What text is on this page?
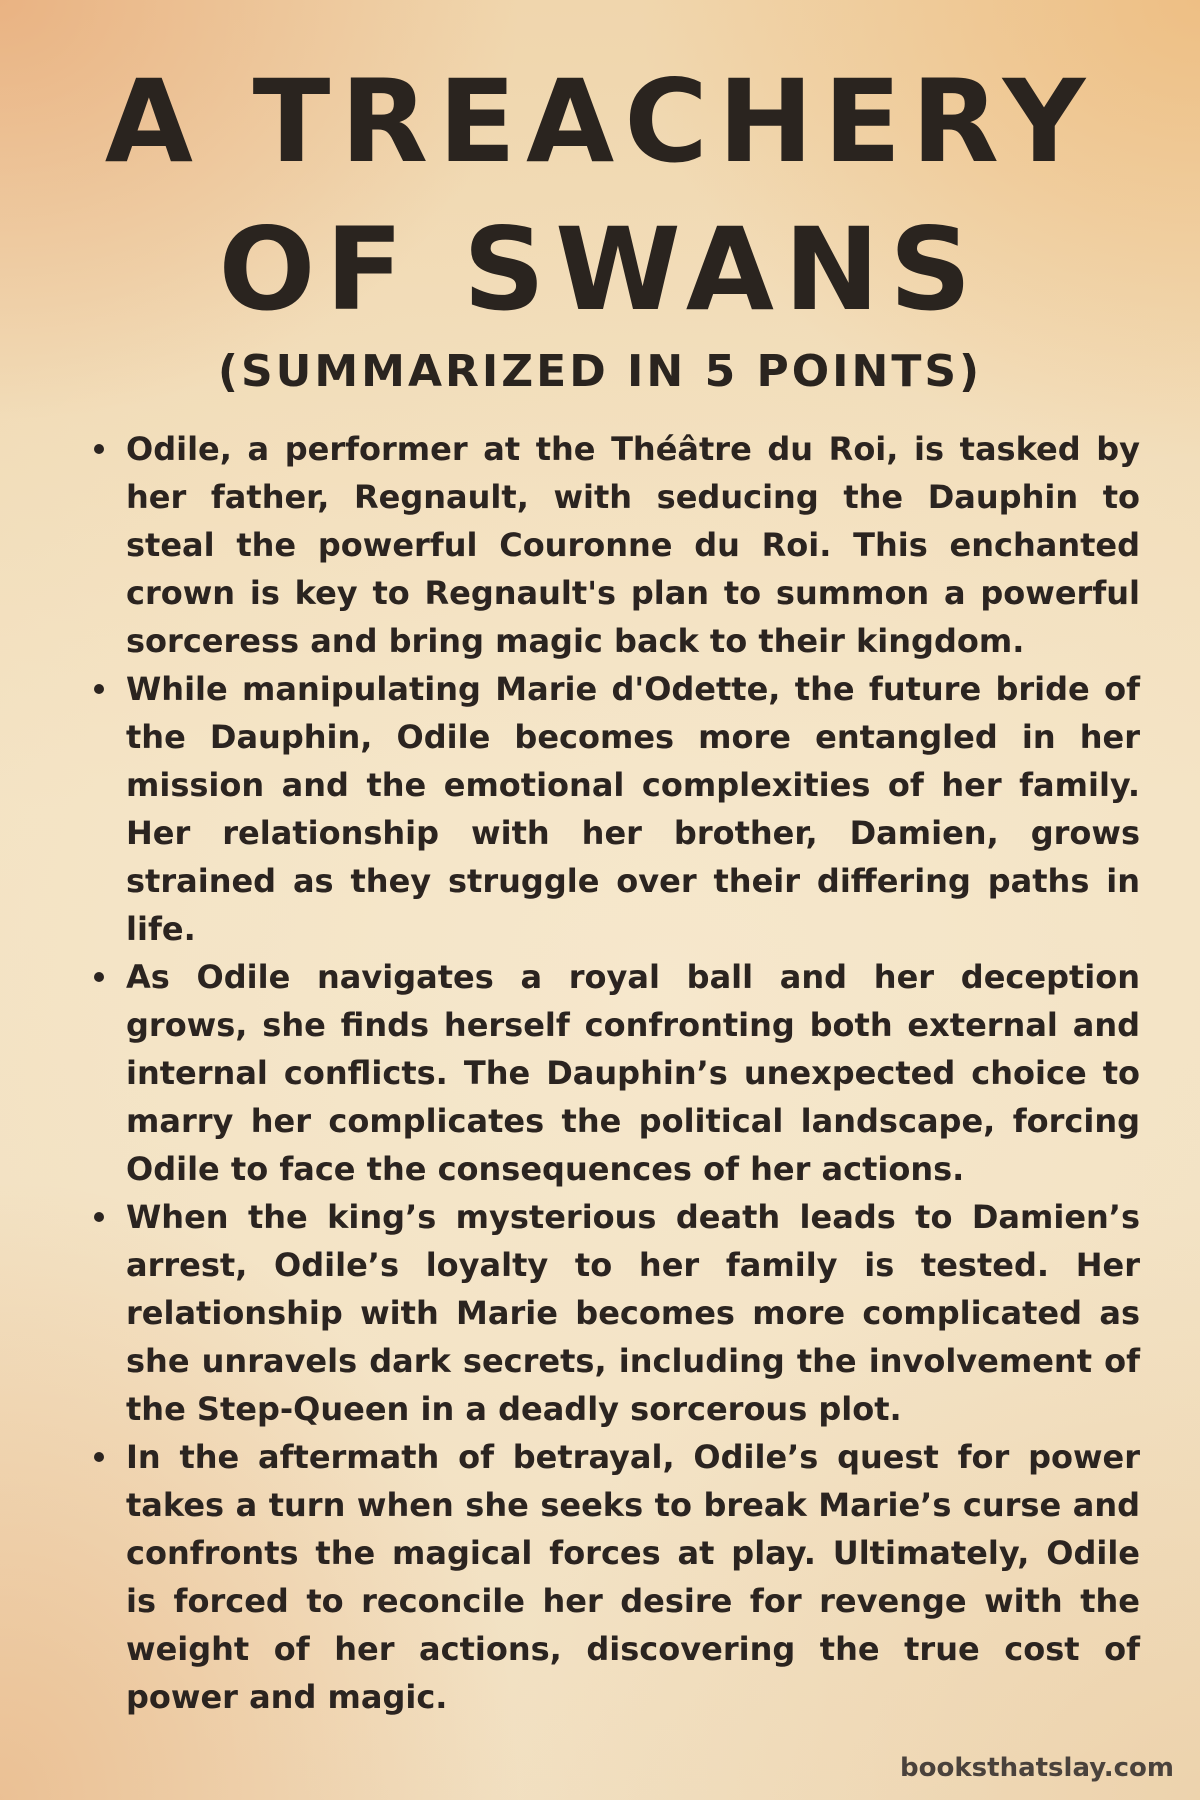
A TREACHERY
OF SWANS
(SUMMARIZED IN 5 POINTS)
Odile, a performer at the Théâtre du Roi, is tasked by her father, Regnault, with seducing the Dauphin to steal the powerful Couronne du Roi. This enchanted crown is key to Regnault's plan to summon a powerful sorceress and bring magic back to their kingdom.
While manipulating Marie d'Odette, the future bride of the Dauphin, Odile becomes more entangled in her mission and the emotional complexities of her family. Her relationship with her brother, Damien, grows strained as they struggle over their differing paths in life.
As Odile navigates a royal ball and her deception grows, she finds herself confronting both external and internal conflicts. The Dauphin’s unexpected choice to marry her complicates the political landscape, forcing Odile to face the consequences of her actions.
When the king’s mysterious death leads to Damien’s arrest, Odile’s loyalty to her family is tested. Her relationship with Marie becomes more complicated as she unravels dark secrets, including the involvement of the Step-Queen in a deadly sorcerous plot.
In the aftermath of betrayal, Odile’s quest for power takes a turn when she seeks to break Marie’s curse and confronts the magical forces at play. Ultimately, Odile is forced to reconcile her desire for revenge with the weight of her actions, discovering the true cost of power and magic.
booksthatslay.com
